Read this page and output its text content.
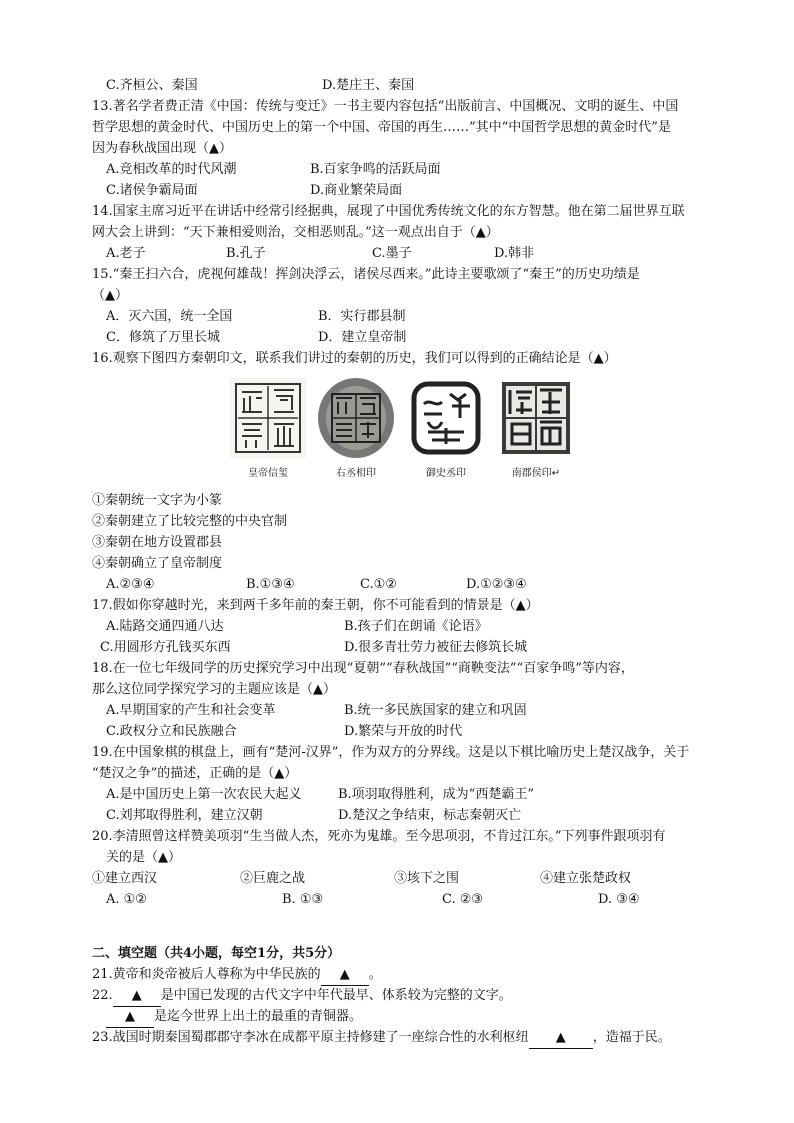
C.齐桓公、秦国	D.楚庄王、秦国
13.著名学者费正清《中国：传统与变迁》一书主要内容包括“出版前言、中国概况、文明的诞生、中国
哲学思想的黄金时代、中国历史上的第一个中国、帝国的再生……”其中“中国哲学思想的黄金时代”是
因为春秋战国出现（▲）
A.竞相改革的时代风潮	B.百家争鸣的活跃局面
C.诸侯争霸局面	D.商业繁荣局面
14.国家主席习近平在讲话中经常引经据典，展现了中国优秀传统文化的东方智慧。他在第二届世界互联
网大会上讲到：“天下兼相爱则治，交相恶则乱。”这一观点出自于（▲）
A.老子	B.孔子	C.墨子	D.韩非
15.“秦王扫六合，虎视何雄哉！挥剑决浮云，诸侯尽西来。”此诗主要歌颂了“秦王”的历史功绩是
（▲）
A．灭六国，统一全国	B．实行郡县制
C．修筑了万里长城	D．建立皇帝制
16.观察下图四方秦朝印文，联系我们讲过的秦朝的历史，我们可以得到的正确结论是（▲）
皇帝信玺	右丞相印	御史丞印	南郡侯印↵
①秦朝统一文字为小篆
②秦朝建立了比较完整的中央官制
③秦朝在地方设置郡县
④秦朝确立了皇帝制度
A.②③④	B.①③④	C.①②	D.①②③④
17.假如你穿越时光，来到两千多年前的秦王朝，你不可能看到的情景是（▲）
A.陆路交通四通八达	B.孩子们在朗诵《论语》
C.用圆形方孔钱买东西	D.很多青壮劳力被征去修筑长城
18.在一位七年级同学的历史探究学习中出现“夏朝”“春秋战国”“商鞅变法”“百家争鸣”等内容，
那么这位同学探究学习的主题应该是（▲）
A.早期国家的产生和社会变革	B.统一多民族国家的建立和巩固
C.政权分立和民族融合	D.繁荣与开放的时代
19.在中国象棋的棋盘上，画有“楚河-汉界”，作为双方的分界线。这是以下棋比喻历史上楚汉战争，关于
“楚汉之争”的描述，正确的是（▲）
A.是中国历史上第一次农民大起义	B.项羽取得胜利，成为“西楚霸王”
C.刘邦取得胜利，建立汉朝	D.楚汉之争结束，标志秦朝灭亡
20.李清照曾这样赞美项羽“生当做人杰，死亦为鬼雄。至今思项羽，不肯过江东。”下列事件跟项羽有
关的是（▲）
①建立西汉	②巨鹿之战	③垓下之围	④建立张楚政权
A. ①②	B. ①③	C. ②③	D. ③④
二、填空题（共4小题，每空1分，共5分）
21.黄帝和炎帝被后人尊称为中华民族的 ▲ 。
22. ▲ 是中国已发现的古代文字中年代最早、体系较为完整的文字。
▲ 是迄今世界上出土的最重的青铜器。
23.战国时期秦国蜀郡郡守李冰在成都平原主持修建了一座综合性的水利枢纽 ▲ ，造福于民。
